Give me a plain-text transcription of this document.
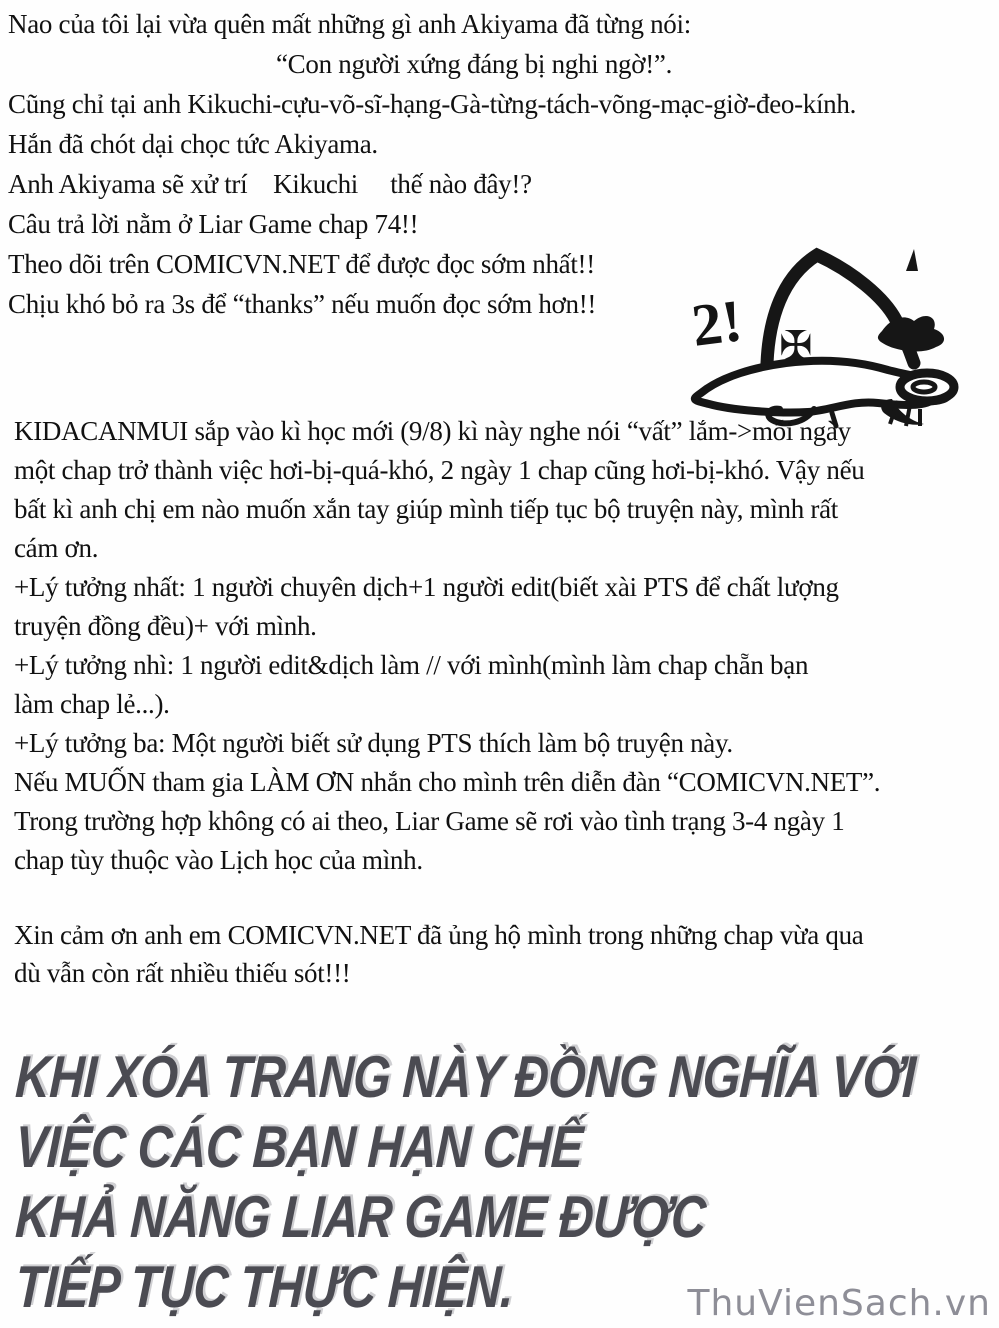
Nao của tôi lại vừa quên mất những gì anh Akiyama đã từng nói:
“Con người xứng đáng bị nghi ngờ!”.
Cũng chỉ tại anh Kikuchi-cựu-võ-sĩ-hạng-Gà-từng-tách-võng-mạc-giờ-đeo-kính.
Hắn đã chót dại chọc tức Akiyama.
Anh Akiyama sẽ xử trí    Kikuchi     thế nào đây!?
Câu trả lời nằm ở Liar Game chap 74!!
Theo dõi trên COMICVN.NET để được đọc sớm nhất!!
Chịu khó bỏ ra 3s để “thanks” nếu muốn đọc sớm hơn!!
✠
2!
KIDACANMUI sắp vào kì học mới (9/8) kì này nghe nói “vất” lắm->mỗi ngày
một chap trở thành việc hơi-bị-quá-khó, 2 ngày 1 chap cũng hơi-bị-khó. Vậy nếu
bất kì anh chị em nào muốn xắn tay giúp mình tiếp tục bộ truyện này, mình rất
cám ơn.
+Lý tưởng nhất: 1 người chuyên dịch+1 người edit(biết xài PTS để chất lượng
truyện đồng đều)+ với mình.
+Lý tưởng nhì: 1 người edit&dịch làm // với mình(mình làm chap chẵn bạn
làm chap lẻ...).
+Lý tưởng ba: Một người biết sử dụng PTS thích làm bộ truyện này.
Nếu MUỐN tham gia LÀM ƠN nhắn cho mình trên diễn đàn “COMICVN.NET”.
Trong trường hợp không có ai theo, Liar Game sẽ rơi vào tình trạng 3-4 ngày 1
chap tùy thuộc vào Lịch học của mình.
Xin cảm ơn anh em COMICVN.NET đã ủng hộ mình trong những chap vừa qua
dù vẫn còn rất nhiều thiếu sót!!!
KHI XÓA TRANG NÀY ĐỒNG NGHĨA VỚI
VIỆC CÁC BẠN HẠN CHẾ
KHẢ NĂNG LIAR GAME ĐƯỢC
TIẾP TỤC THỰC HIỆN.	ThuVienSach.vn
